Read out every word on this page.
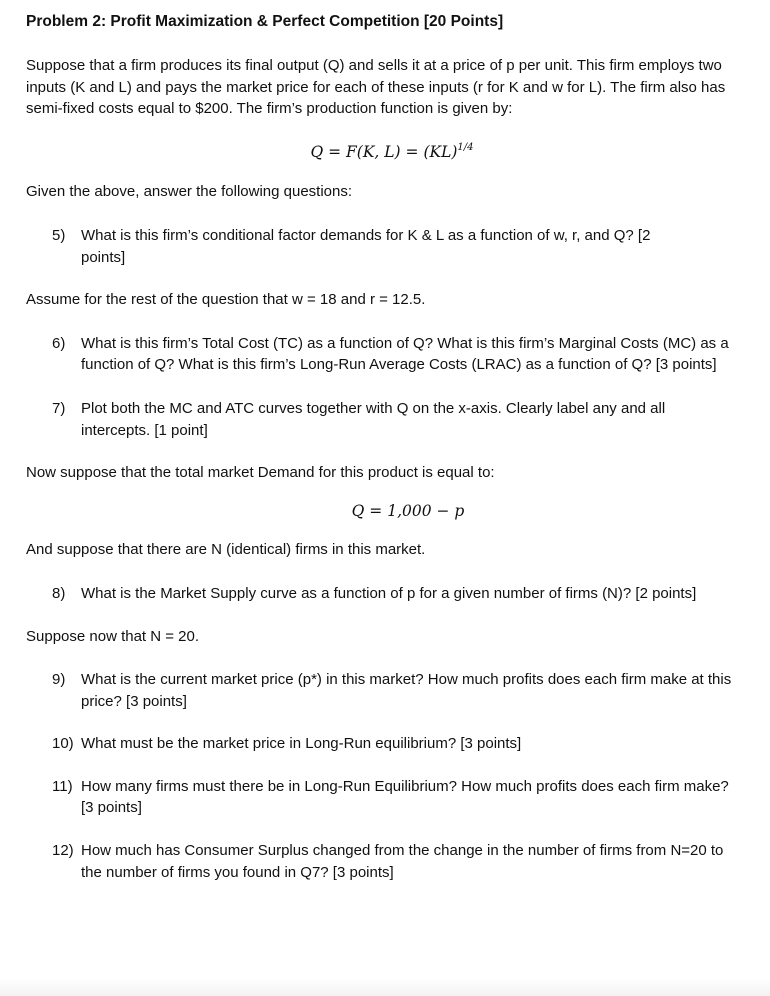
Problem 2: Profit Maximization & Perfect Competition [20 Points]

Suppose that a firm produces its final output (Q) and sells it at a price of p per unit. This firm employs two inputs (K and L) and pays the market price for each of these inputs (r for K and w for L). The firm also has semi-fixed costs equal to $200. The firm’s production function is given by:

Q = F(K, L) = (KL)$^{1/4}$

Given the above, answer the following questions:

5) What is this firm’s conditional factor demands for K & L as a function of w, r, and Q? [2 points]

Assume for the rest of the question that w = 18 and r = 12.5.

6) What is this firm’s Total Cost (TC) as a function of Q? What is this firm’s Marginal Costs (MC) as a function of Q? What is this firm’s Long-Run Average Costs (LRAC) as a function of Q? [3 points]

7) Plot both the MC and ATC curves together with Q on the x-axis. Clearly label any and all intercepts. [1 point]

Now suppose that the total market Demand for this product is equal to:

Q = 1,000 − p

And suppose that there are N (identical) firms in this market.

8) What is the Market Supply curve as a function of p for a given number of firms (N)? [2 points]

Suppose now that N = 20.

9) What is the current market price (p*) in this market? How much profits does each firm make at this price? [3 points]

10) What must be the market price in Long-Run equilibrium? [3 points]

11) How many firms must there be in Long-Run Equilibrium? How much profits does each firm make? [3 points]

12) How much has Consumer Surplus changed from the change in the number of firms from N=20 to the number of firms you found in Q7? [3 points]
